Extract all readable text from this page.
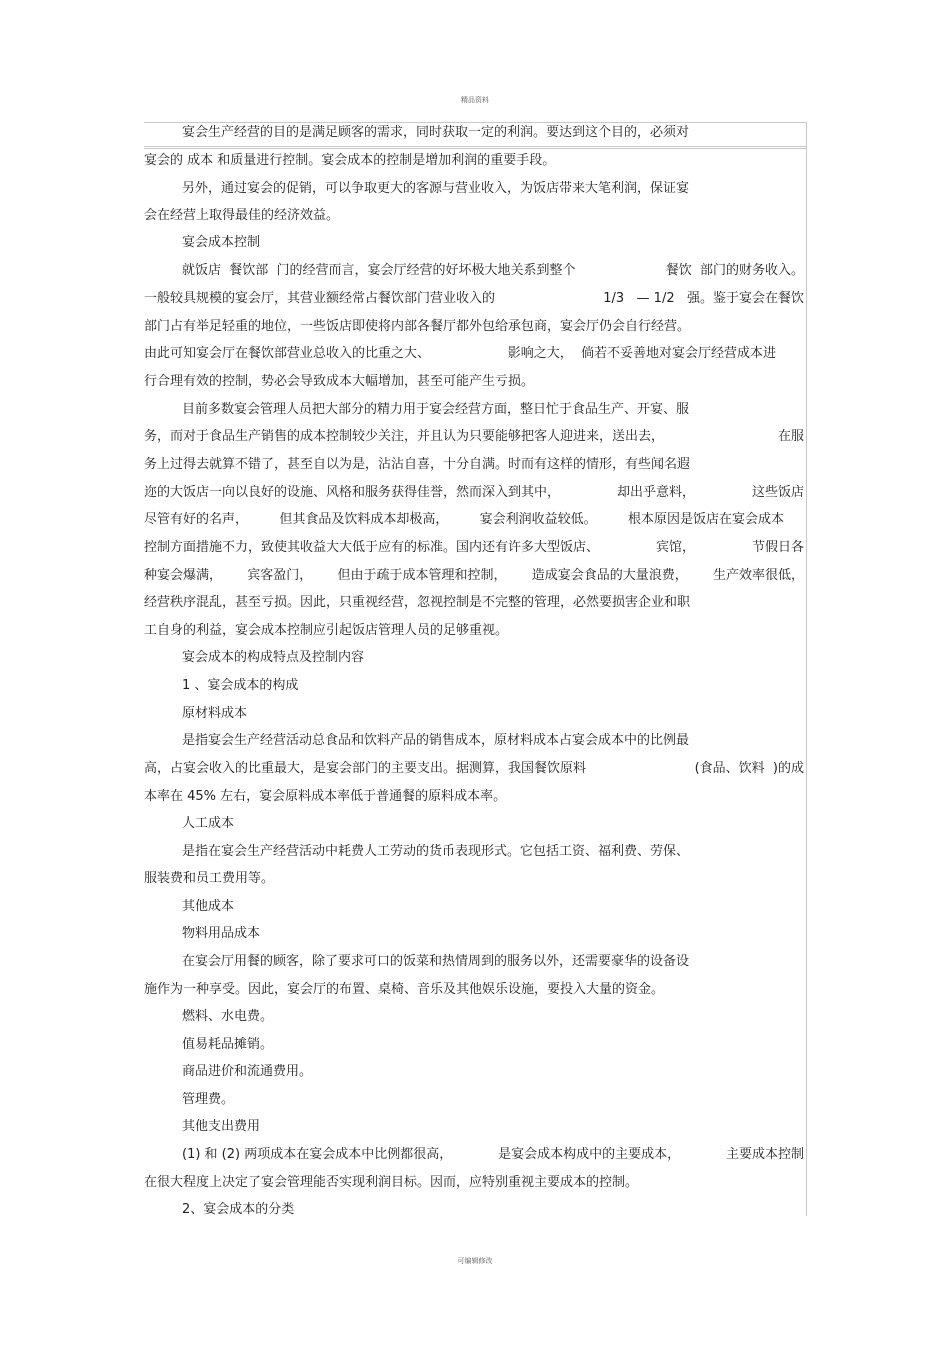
精品资料
宴会生产经营的目的是满足顾客的需求，同时获取一定的利润。要达到这个目的，必须对
宴会的 成本 和质量进行控制。宴会成本的控制是增加利润的重要手段。
另外，通过宴会的促销，可以争取更大的客源与营业收入，为饭店带来大笔利润，保证宴
会在经营上取得最佳的经济效益。
宴会成本控制
就饭店  餐饮部  门的经营而言，宴会厅经营的好坏极大地关系到整个	餐饮  部门的财务收入。
一般较具规模的宴会厅，其营业额经常占餐饮部门营业收入的	1/3   — 1/2   强。鉴于宴会在餐饮
部门占有举足轻重的地位，一些饭店即使将内部各餐厅都外包给承包商，宴会厅仍会自行经营。
由此可知宴会厅在餐饮部营业总收入的比重之大、	影响之大，  倘若不妥善地对宴会厅经营成本进
行合理有效的控制，势必会导致成本大幅增加，甚至可能产生亏损。
目前多数宴会管理人员把大部分的精力用于宴会经营方面，整日忙于食品生产、开宴、服
务，而对于食品生产销售的成本控制较少关注，并且认为只要能够把客人迎进来，送出去，	在服
务上过得去就算不错了，甚至自以为是，沾沾自喜，十分自满。时而有这样的情形，有些闻名遐
迩的大饭店一向以良好的设施、风格和服务获得佳誉，然而深入到其中，	却出乎意料，	这些饭店
尽管有好的名声， 但其食品及饮料成本却极高， 宴会利润收益较低。 根本原因是饭店在宴会成本
控制方面措施不力，致使其收益大大低于应有的标准。国内还有许多大型饭店、	宾馆，	节假日各
种宴会爆满， 宾客盈门， 但由于疏于成本管理和控制， 造成宴会食品的大量浪费， 生产效率很低，
经营秩序混乱，甚至亏损。因此，只重视经营，忽视控制是不完整的管理，必然要损害企业和职
工自身的利益，宴会成本控制应引起饭店管理人员的足够重视。
宴会成本的构成特点及控制内容
1 、宴会成本的构成
原材料成本
是指宴会生产经营活动总食品和饮料产品的销售成本，原材料成本占宴会成本中的比例最
高，占宴会收入的比重最大，是宴会部门的主要支出。据测算，我国餐饮原料	(食品、饮料  )的成
本率在 45% 左右，宴会原料成本率低于普通餐的原料成本率。
人工成本
是指在宴会生产经营活动中耗费人工劳动的货币表现形式。它包括工资、福利费、劳保、
服装费和员工费用等。
其他成本
物料用品成本
在宴会厅用餐的顾客，除了要求可口的饭菜和热情周到的服务以外，还需要豪华的设备设
施作为一种享受。因此，宴会厅的布置、桌椅、音乐及其他娱乐设施，要投入大量的资金。
燃料、水电费。
值易耗品摊销。
商品进价和流通费用。
管理费。
其他支出费用
(1) 和 (2) 两项成本在宴会成本中比例都很高，	是宴会成本构成中的主要成本，	主要成本控制
在很大程度上决定了宴会管理能否实现利润目标。因而，应特别重视主要成本的控制。
2、宴会成本的分类
可编辑修改
